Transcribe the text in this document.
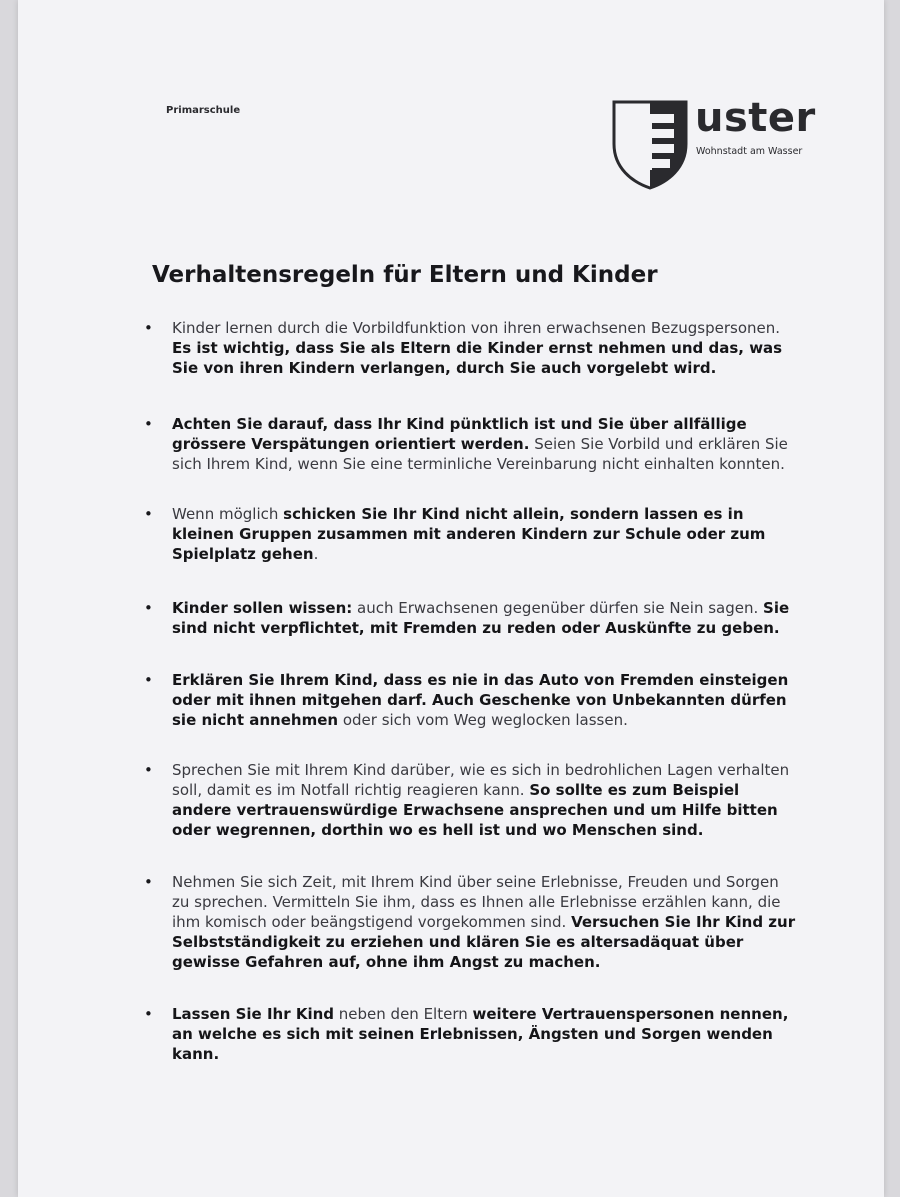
Primarschule	uster
Wohnstadt am Wasser
Verhaltensregeln für Eltern und Kinder
• Kinder lernen durch die Vorbildfunktion von ihren erwachsenen Bezugspersonen. Es ist wichtig, dass Sie als Eltern die Kinder ernst nehmen und das, was Sie von ihren Kindern verlangen, durch Sie auch vorgelebt wird.
• Achten Sie darauf, dass Ihr Kind pünktlich ist und Sie über allfällige grössere Verspätungen orientiert werden. Seien Sie Vorbild und erklären Sie sich Ihrem Kind, wenn Sie eine terminliche Vereinbarung nicht einhalten konnten.
• Wenn möglich schicken Sie Ihr Kind nicht allein, sondern lassen es in kleinen Gruppen zusammen mit anderen Kindern zur Schule oder zum Spielplatz gehen.
• Kinder sollen wissen: auch Erwachsenen gegenüber dürfen sie Nein sagen. Sie sind nicht verpflichtet, mit Fremden zu reden oder Auskünfte zu geben.
• Erklären Sie Ihrem Kind, dass es nie in das Auto von Fremden einsteigen oder mit ihnen mitgehen darf. Auch Geschenke von Unbekannten dürfen sie nicht annehmen oder sich vom Weg weglocken lassen.
• Sprechen Sie mit Ihrem Kind darüber, wie es sich in bedrohlichen Lagen verhalten soll, damit es im Notfall richtig reagieren kann. So sollte es zum Beispiel andere vertrauenswürdige Erwachsene ansprechen und um Hilfe bitten oder wegrennen, dorthin wo es hell ist und wo Menschen sind.
• Nehmen Sie sich Zeit, mit Ihrem Kind über seine Erlebnisse, Freuden und Sorgen zu sprechen. Vermitteln Sie ihm, dass es Ihnen alle Erlebnisse erzählen kann, die ihm komisch oder beängstigend vorgekommen sind. Versuchen Sie Ihr Kind zur Selbstständigkeit zu erziehen und klären Sie es altersadäquat über gewisse Gefahren auf, ohne ihm Angst zu machen.
• Lassen Sie Ihr Kind neben den Eltern weitere Vertrauenspersonen nennen, an welche es sich mit seinen Erlebnissen, Ängsten und Sorgen wenden kann.
